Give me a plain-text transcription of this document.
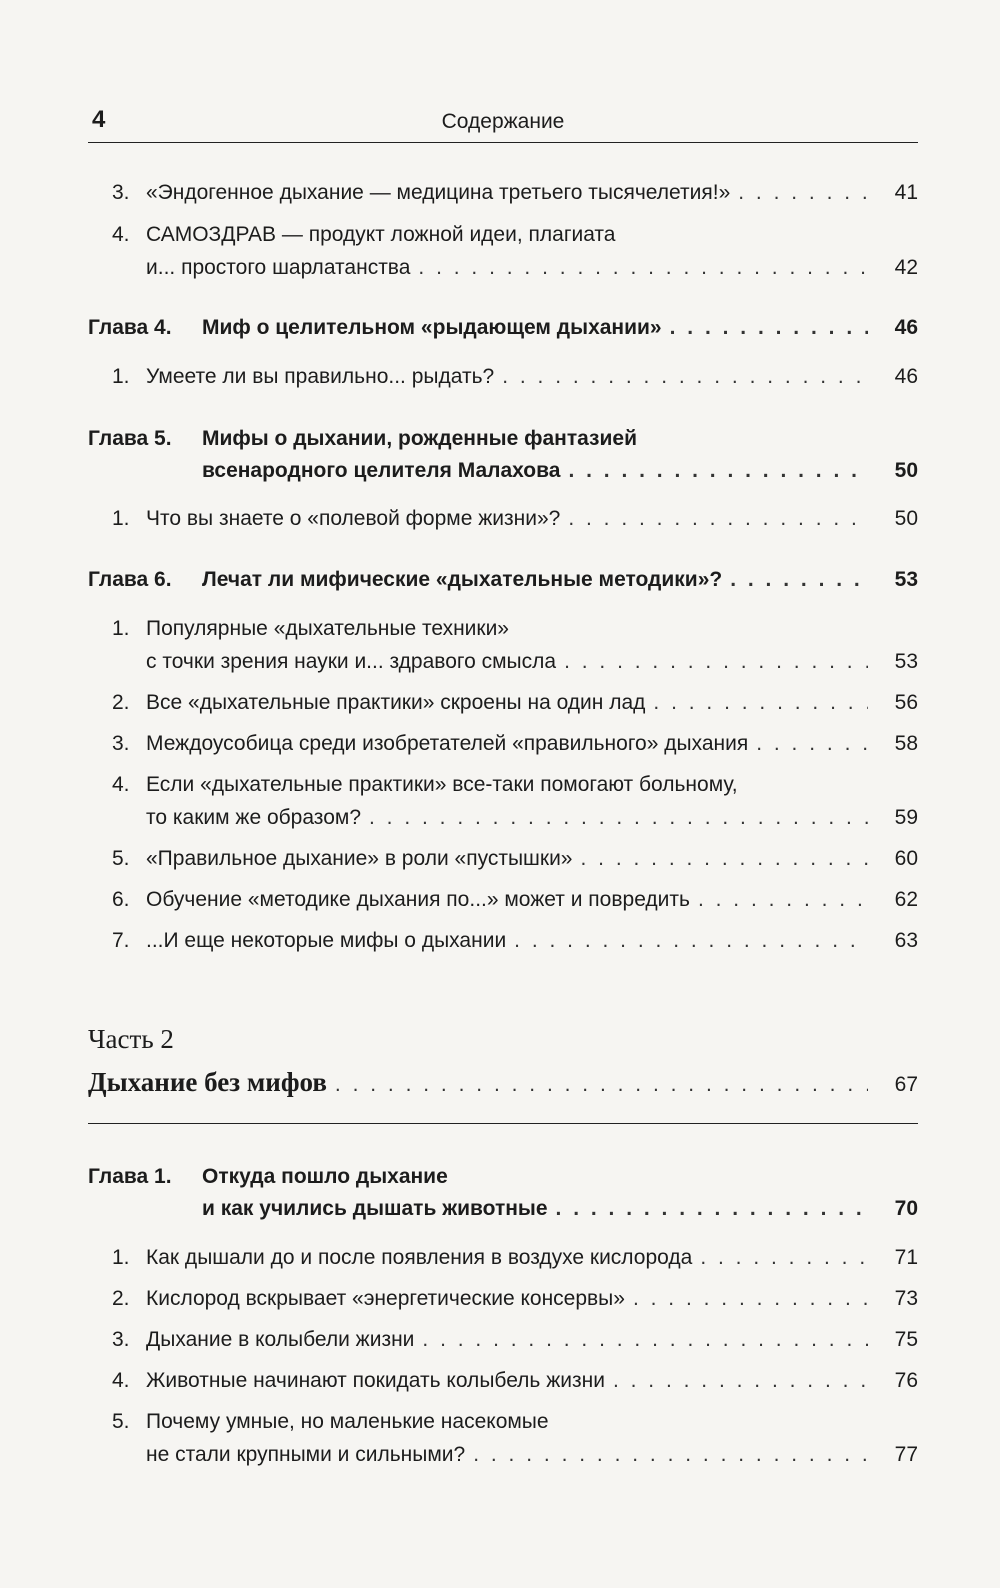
4	Содержание
3. «Эндогенное дыхание — медицина третьего тысячелетия!» . . .	41
4. САМОЗДРАВ — продукт ложной идеи, плагиата
и... простого шарлатанства . . .	42
Глава 4.	Миф о целительном «рыдающем дыхании» . . .	46
1. Умеете ли вы правильно... рыдать? . . .	46
Глава 5. Мифы о дыхании, рожденные фантазией
всенародного целителя Малахова . . .	50
1. Что вы знаете о «полевой форме жизни»? . . .	50
Глава 6.	Лечат ли мифические «дыхательные методики»? . . .	53
1. Популярные «дыхательные техники»
с точки зрения науки и... здравого смысла . . .	53
2. Все «дыхательные практики» скроены на один лад . . .	56
3. Междоусобица среди изобретателей «правильного» дыхания . . .	58
4. Если «дыхательные практики» все-таки помогают больному,
то каким же образом? . . .	59
5. «Правильное дыхание» в роли «пустышки» . . .	60
6. Обучение «методике дыхания по...» может и повредить . . .	62
7. ...И еще некоторые мифы о дыхании . . .	63
Часть 2
Дыхание без мифов . . .	67
Глава 1. Откуда пошло дыхание
и как учились дышать животные . . .	70
1. Как дышали до и после появления в воздухе кислорода . . .	71
2. Кислород вскрывает «энергетические консервы» . . .	73
3. Дыхание в колыбели жизни . . .	75
4. Животные начинают покидать колыбель жизни . . .	76
5. Почему умные, но маленькие насекомые
не стали крупными и сильными? . . .	77
